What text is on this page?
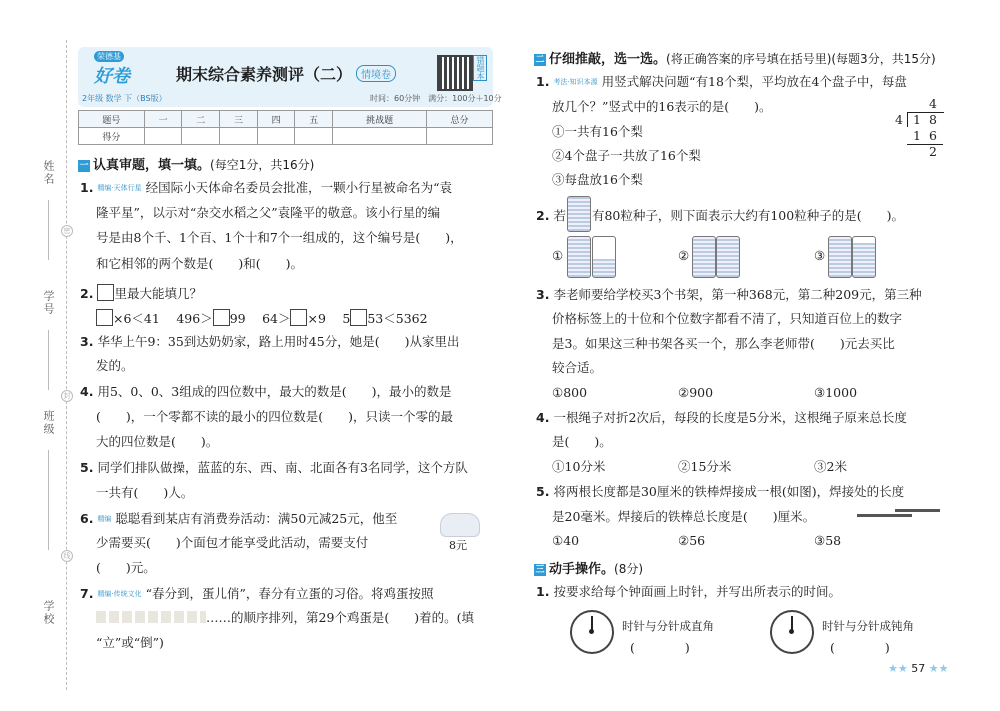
姓名
学号
班级
学校
密
封
线
荣德基
好卷
2年级 数学 下（BS版）
期末综合素养测评（二） 情境卷
时间：60分钟　满分：100分＋10分
错题本
题号	一	二	三	四	五	挑战题	总分
得分							
一 认真审题，填一填。(每空1分，共16分)
1. 精编·天体行星 经国际小天体命名委员会批准，一颗小行星被命名为“袁
隆平星”，以示对“杂交水稻之父”袁隆平的敬意。该小行星的编
号是由8个千、1个百、1个十和7个一组成的，这个编号是(　　)，
和它相邻的两个数是(　　)和(　　)。
2. 里最大能填几？
×6＜41　 496＞ 99　 64＞ ×9　 5 53＜5362
3. 华华上午9：35到达奶奶家，路上用时45分，她是(　　)从家里出
发的。
4. 用5、0、0、3组成的四位数中，最大的数是(　　)，最小的数是
(　　)，一个零都不读的最小的四位数是(　　)，只读一个零的最
大的四位数是(　　)。
5. 同学们排队做操，蓝蓝的东、西、南、北面各有3名同学，这个方队
一共有(　　)人。
6. 精编 聪聪看到某店有消费券活动：满50元减25元，他至
少需要买(　　)个面包才能享受此活动，需要支付
(　　)元。
8元
7. 精编·传统文化 “春分到，蛋儿俏”，春分有立蛋的习俗。将鸡蛋按照
……的顺序排列，第29个鸡蛋是(　　)着的。(填
“立”或“倒”)
二 仔细推敲，选一选。(将正确答案的序号填在括号里)(每题3分，共15分)
1. 考法·知识本源 用竖式解决问题“有18个梨，平均放在4个盘子中，每盘
放几个？”竖式中的16表示的是(　　)。
①一共有16个梨
②4个盘子一共放了16个梨
③每盘放16个梨
4
4 18
16
2
2. 若 有80粒种子，则下面表示大约有100粒种子的是(　　)。
①	②	③
3. 李老师要给学校买3个书架，第一种368元，第二种209元，第三种
价格标签上的十位和个位数字都看不清了，只知道百位上的数字
是3。如果这三种书架各买一个，那么李老师带(　　)元去买比
较合适。
①800	②900	③1000
4. 一根绳子对折2次后，每段的长度是5分米，这根绳子原来总长度
是(　　)。
①10分米	②15分米	③2米
5. 将两根长度都是30厘米的铁棒焊接成一根(如图)，焊接处的长度
是20毫米。焊接后的铁棒总长度是(　　)厘米。
①40	②56	③58
三 动手操作。(8分)
1. 按要求给每个钟面画上时针，并写出所表示的时间。
时针与分针成直角
(　　　　)
时针与分针成钝角
(　　　　)
★★ 57 ★★
